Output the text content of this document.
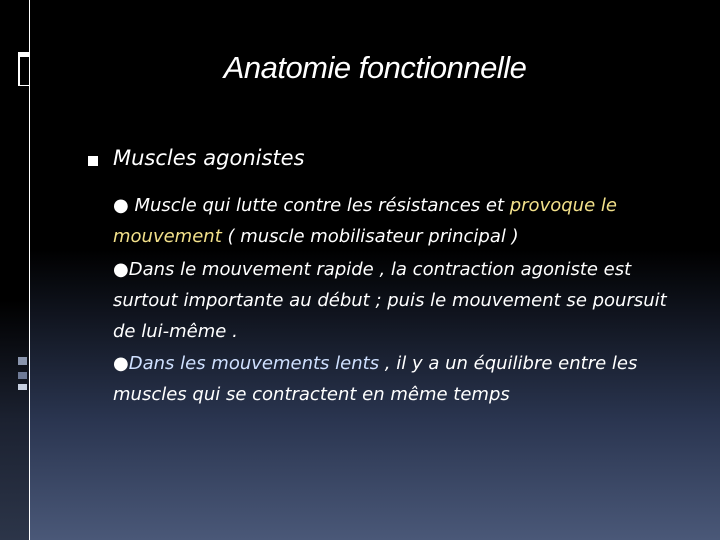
Anatomie fonctionnelle
Muscles agonistes
● Muscle qui lutte contre les résistances et provoque le mouvement ( muscle mobilisateur principal )
●Dans le mouvement rapide , la contraction agoniste est surtout importante au début ; puis le mouvement se poursuit de lui-même .
●Dans les mouvements lents , il y a un équilibre entre les muscles qui se contractent en même temps
